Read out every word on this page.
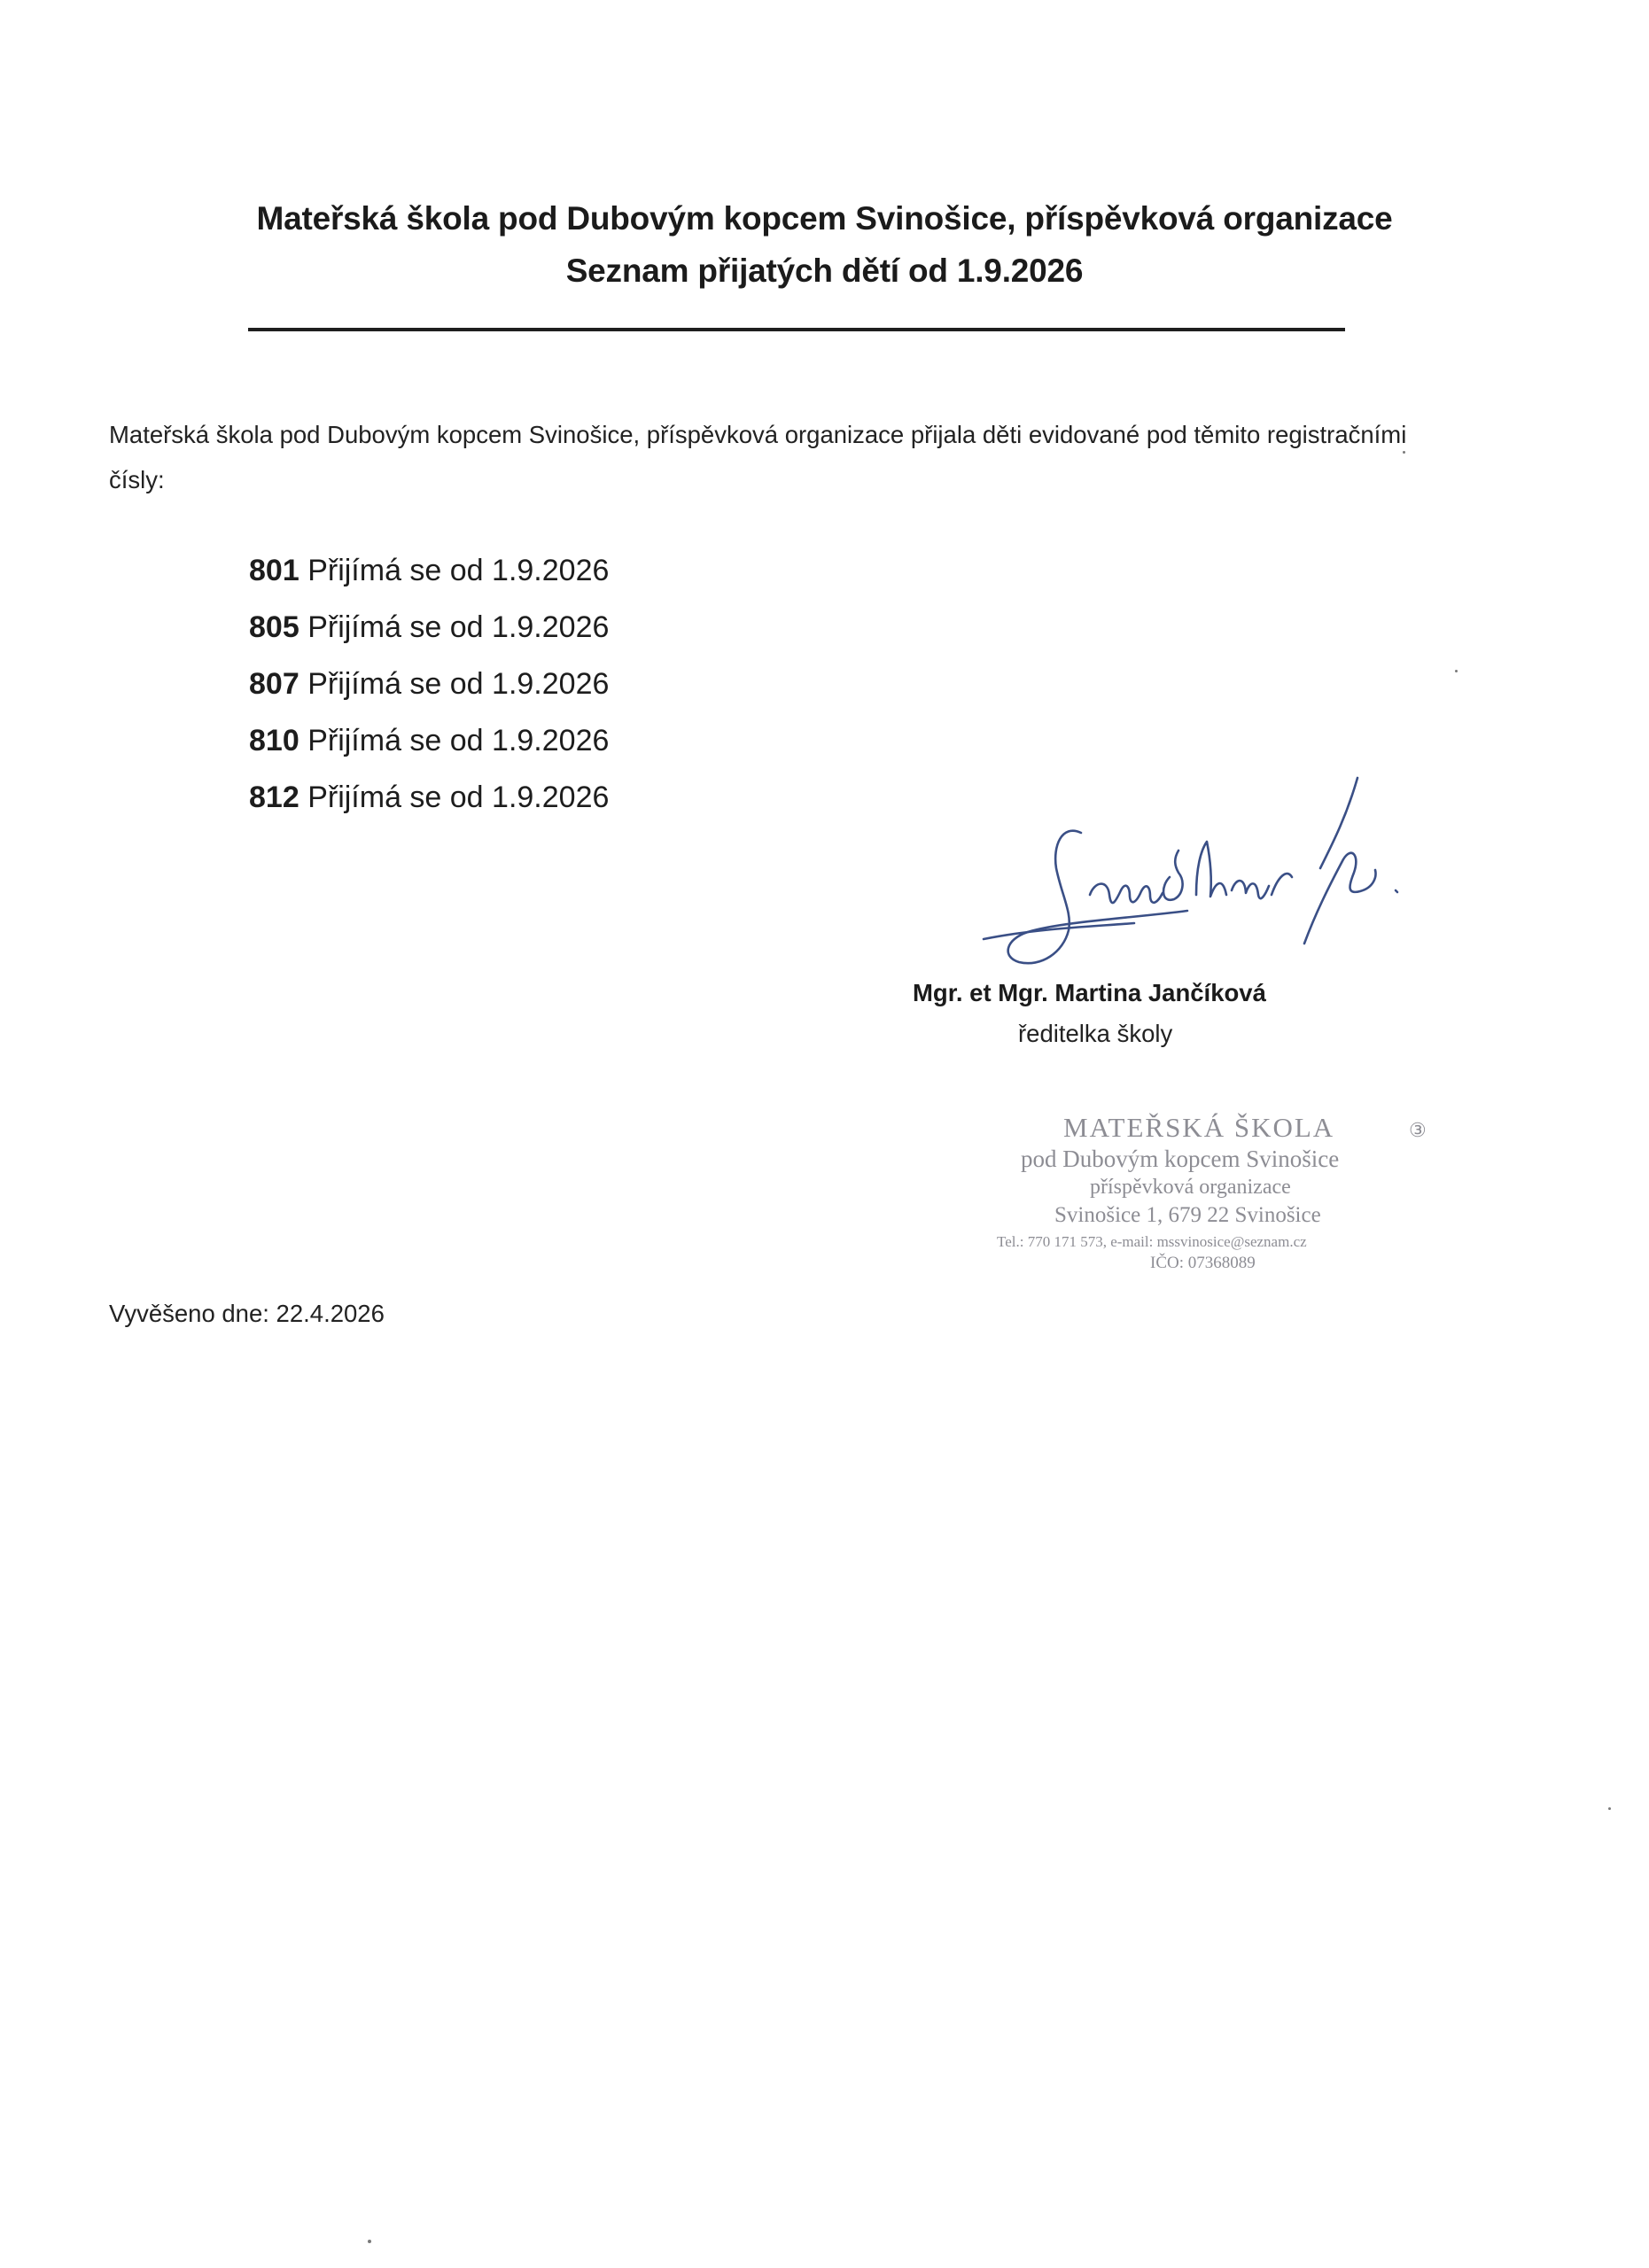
Mateřská škola pod Dubovým kopcem Svinošice, příspěvková organizace
Seznam přijatých dětí od 1.9.2026

Mateřská škola pod Dubovým kopcem Svinošice, příspěvková organizace přijala děti evidované pod těmito registračními čísly:

801 Přijímá se od 1.9.2026
805 Přijímá se od 1.9.2026
807 Přijímá se od 1.9.2026
810 Přijímá se od 1.9.2026
812 Přijímá se od 1.9.2026

Mgr. et Mgr. Martina Jančíková

ředitelka školy

MATEŘSKÁ ŠKOLA	③
pod Dubovým kopcem Svinošice
příspěvková organizace
Svinošice 1, 679 22 Svinošice
Tel.: 770 171 573, e-mail: mssvinosice@seznam.cz
IČO: 07368089

Vyvěšeno dne: 22.4.2026
